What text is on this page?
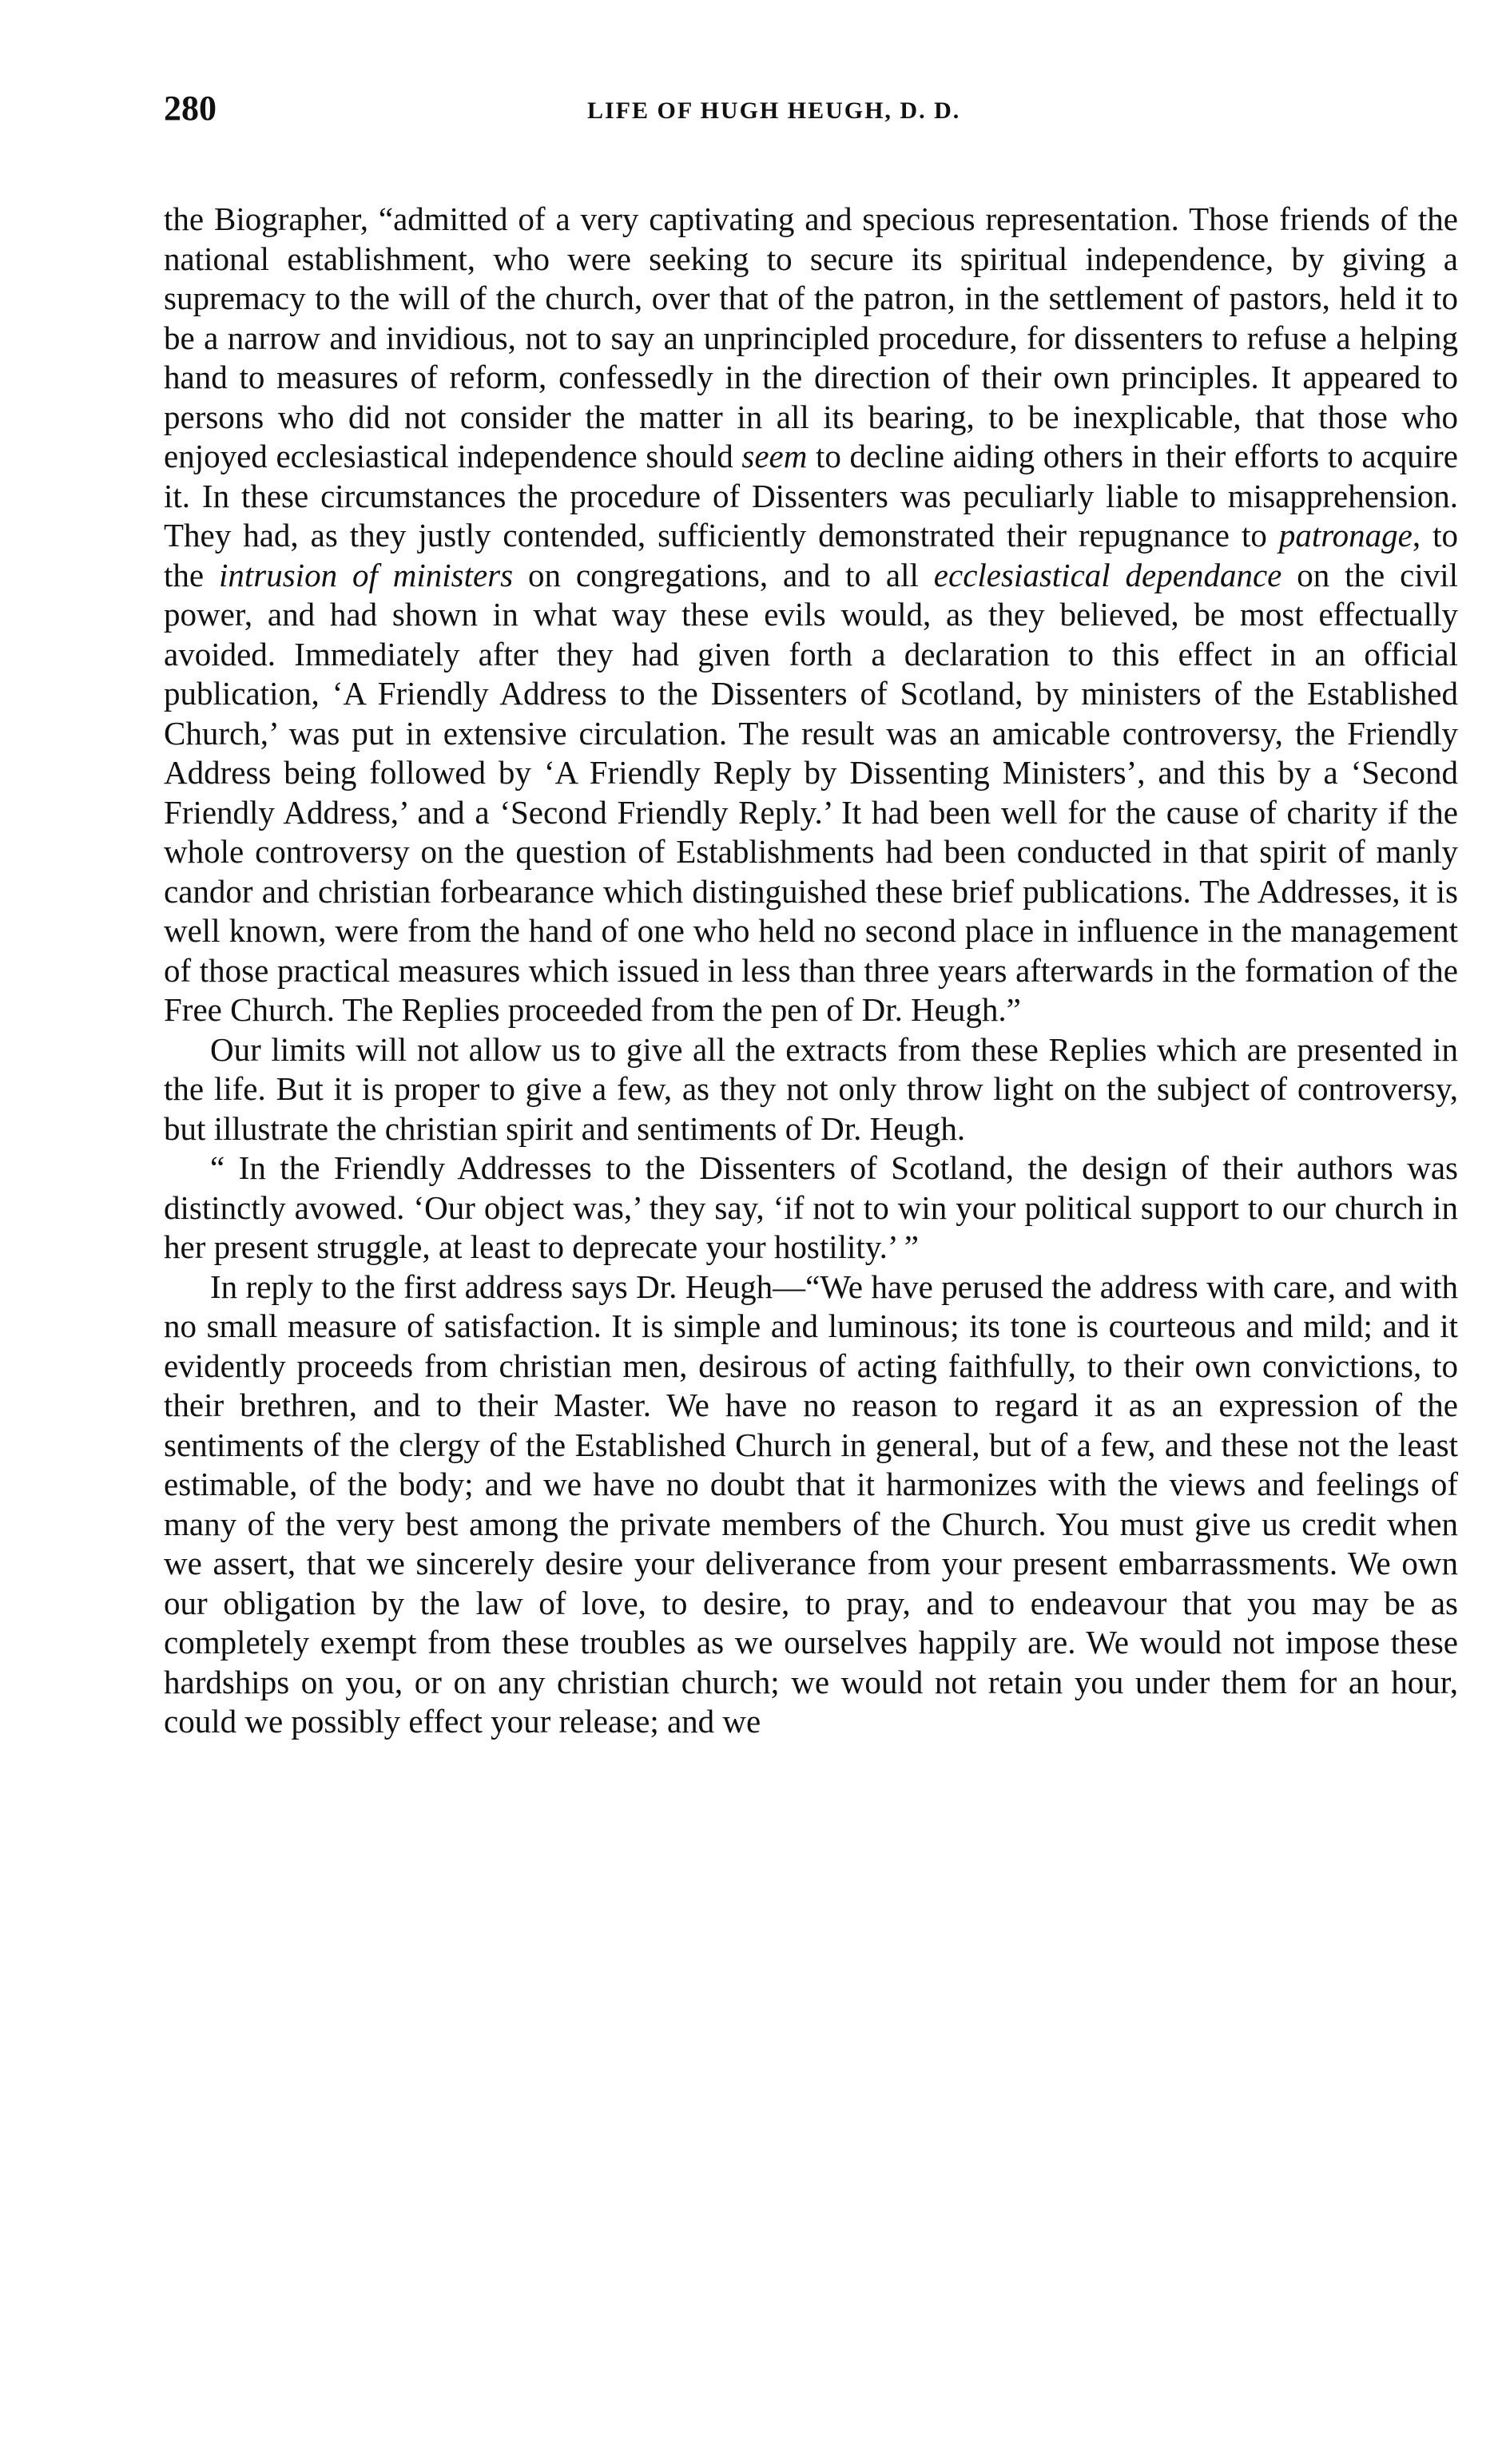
280	LIFE OF HUGH HEUGH, D. D.

the Biographer, “admitted of a very captivating and specious representation. Those friends of the national establishment, who were seeking to secure its spiritual independence, by giving a supremacy to the will of the church, over that of the patron, in the settlement of pastors, held it to be a narrow and invidious, not to say an unprincipled procedure, for dissenters to refuse a helping hand to measures of reform, confessedly in the direction of their own principles. It appeared to persons who did not consider the matter in all its bearing, to be inexplicable, that those who enjoyed ecclesiastical independence should seem to decline aiding others in their efforts to acquire it. In these circumstances the procedure of Dissenters was peculiarly liable to misapprehension. They had, as they justly contended, sufficiently demonstrated their repugnance to patronage, to the intrusion of ministers on congregations, and to all ecclesiastical dependance on the civil power, and had shown in what way these evils would, as they believed, be most effectually avoided. Immediately after they had given forth a declaration to this effect in an official publication, ‘A Friendly Address to the Dissenters of Scotland, by ministers of the Established Church,’ was put in extensive circulation. The result was an amicable controversy, the Friendly Address being followed by ‘A Friendly Reply by Dissenting Ministers’, and this by a ‘Second Friendly Address,’ and a ‘Second Friendly Reply.’ It had been well for the cause of charity if the whole controversy on the question of Establishments had been conducted in that spirit of manly candor and christian forbearance which distinguished these brief publications. The Addresses, it is well known, were from the hand of one who held no second place in influence in the management of those practical measures which issued in less than three years afterwards in the formation of the Free Church. The Replies proceeded from the pen of Dr. Heugh.”

Our limits will not allow us to give all the extracts from these Replies which are presented in the life. But it is proper to give a few, as they not only throw light on the subject of controversy, but illustrate the christian spirit and sentiments of Dr. Heugh.

“ In the Friendly Addresses to the Dissenters of Scotland, the design of their authors was distinctly avowed. ‘Our object was,’ they say, ‘if not to win your political support to our church in her present struggle, at least to deprecate your hostility.’ ”

In reply to the first address says Dr. Heugh—“We have perused the address with care, and with no small measure of satisfaction. It is simple and luminous; its tone is courteous and mild; and it evidently proceeds from christian men, desirous of acting faithfully, to their own convictions, to their brethren, and to their Master. We have no reason to regard it as an expression of the sentiments of the clergy of the Established Church in general, but of a few, and these not the least estimable, of the body; and we have no doubt that it harmonizes with the views and feelings of many of the very best among the private members of the Church. You must give us credit when we assert, that we sincerely desire your deliverance from your present embarrassments. We own our obligation by the law of love, to desire, to pray, and to endeavour that you may be as completely exempt from these troubles as we ourselves happily are. We would not impose these hardships on you, or on any christian church; we would not retain you under them for an hour, could we possibly effect your release; and we
